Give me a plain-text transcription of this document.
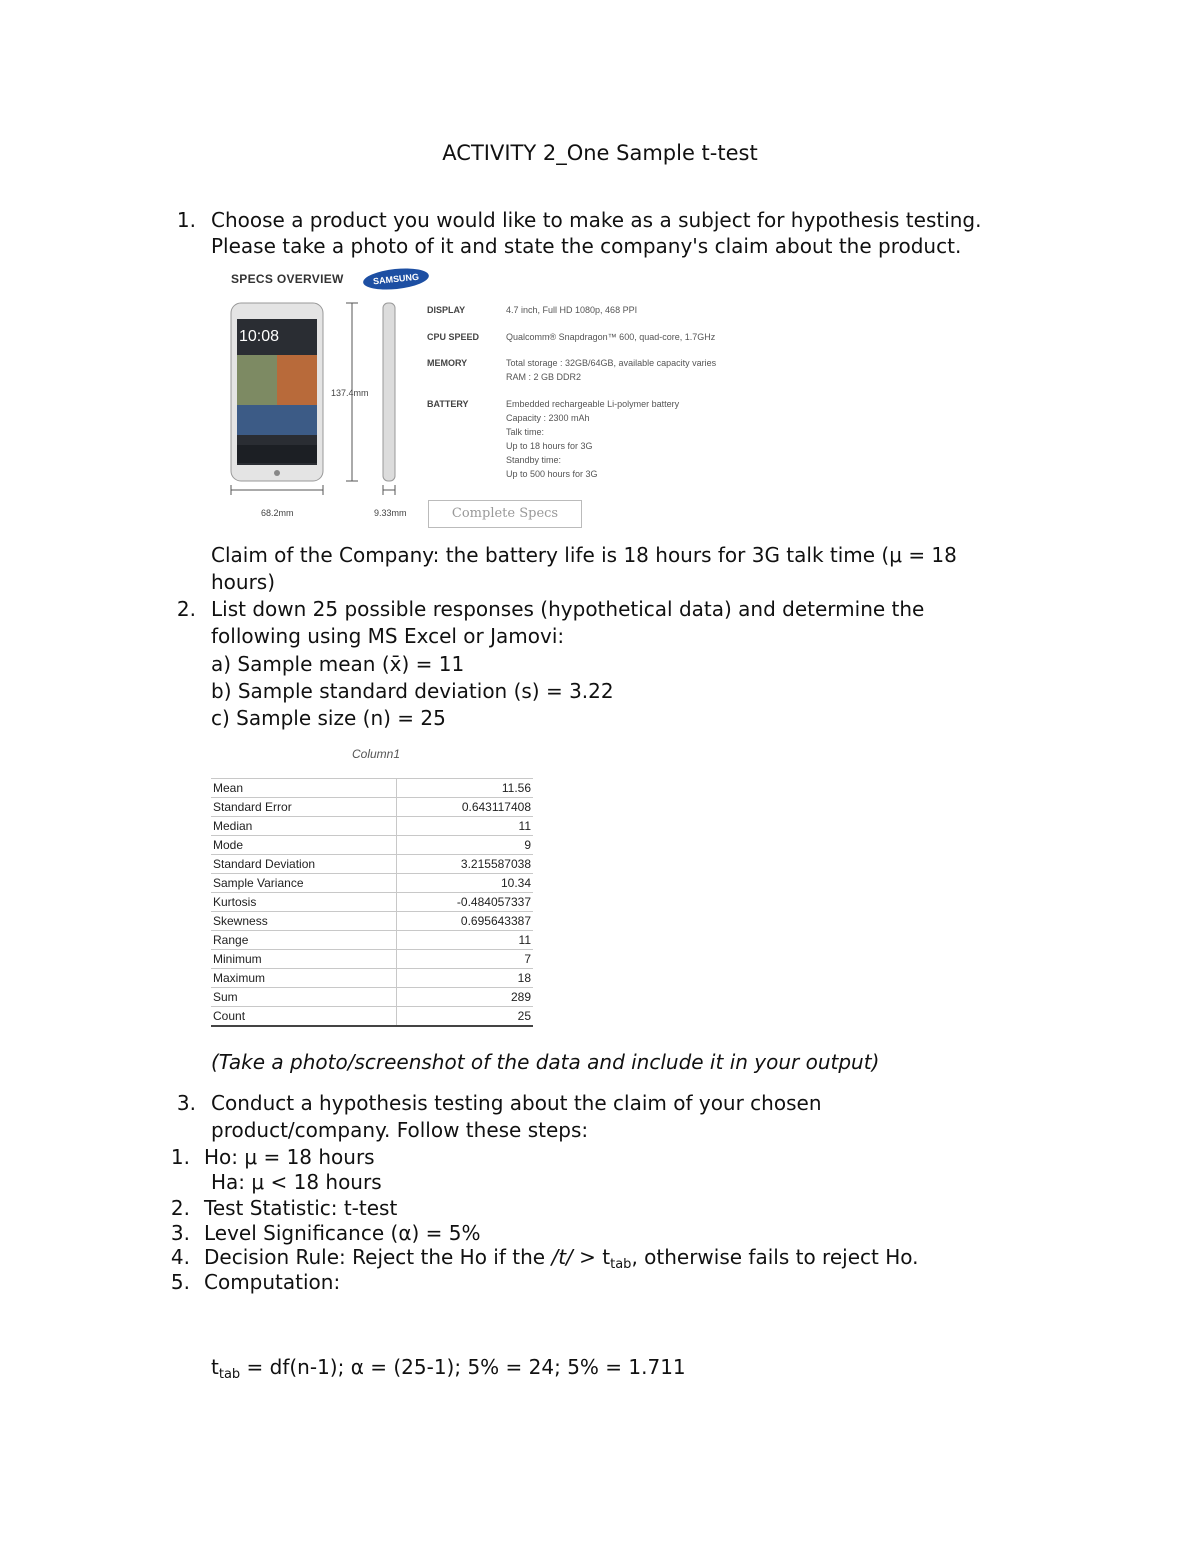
ACTIVITY 2_One Sample t-test
1. Choose a product you would like to make as a subject for hypothesis testing.
Please take a photo of it and state the company's claim about the product.
SPECS OVERVIEW	SAMSUNG
10:08
137.4mm
68.2mm	9.33mm
DISPLAY	4.7 inch, Full HD 1080p, 468 PPI
CPU SPEED	Qualcomm® Snapdragon™ 600, quad-core, 1.7GHz
MEMORY	Total storage : 32GB/64GB, available capacity varies
RAM : 2 GB DDR2
BATTERY	Embedded rechargeable Li-polymer battery
Capacity : 2300 mAh
Talk time:
Up to 18 hours for 3G
Standby time:
Up to 500 hours for 3G
Complete Specs
Claim of the Company: the battery life is 18 hours for 3G talk time (μ = 18
hours)
2. List down 25 possible responses (hypothetical data) and determine the
following using MS Excel or Jamovi:
a) Sample mean (x̄) = 11
b) Sample standard deviation (s) = 3.22
c) Sample size (n) = 25
Column1
Mean	11.56
Standard Error	0.643117408
Median	11
Mode	9
Standard Deviation	3.215587038
Sample Variance	10.34
Kurtosis	-0.484057337
Skewness	0.695643387
Range	11
Minimum	7
Maximum	18
Sum	289
Count	25
(Take a photo/screenshot of the data and include it in your output)
3. Conduct a hypothesis testing about the claim of your chosen
product/company. Follow these steps:
1. Ho: μ = 18 hours
Ha: μ < 18 hours
2. Test Statistic: t-test
3. Level Significance (α) = 5%
4. Decision Rule: Reject the Ho if the $/t/ > t_{tab}$, otherwise fails to reject Ho.
5. Computation:
$t_{tab} = df(n-1)$; α = (25-1); 5% = 24; 5% = 1.711
